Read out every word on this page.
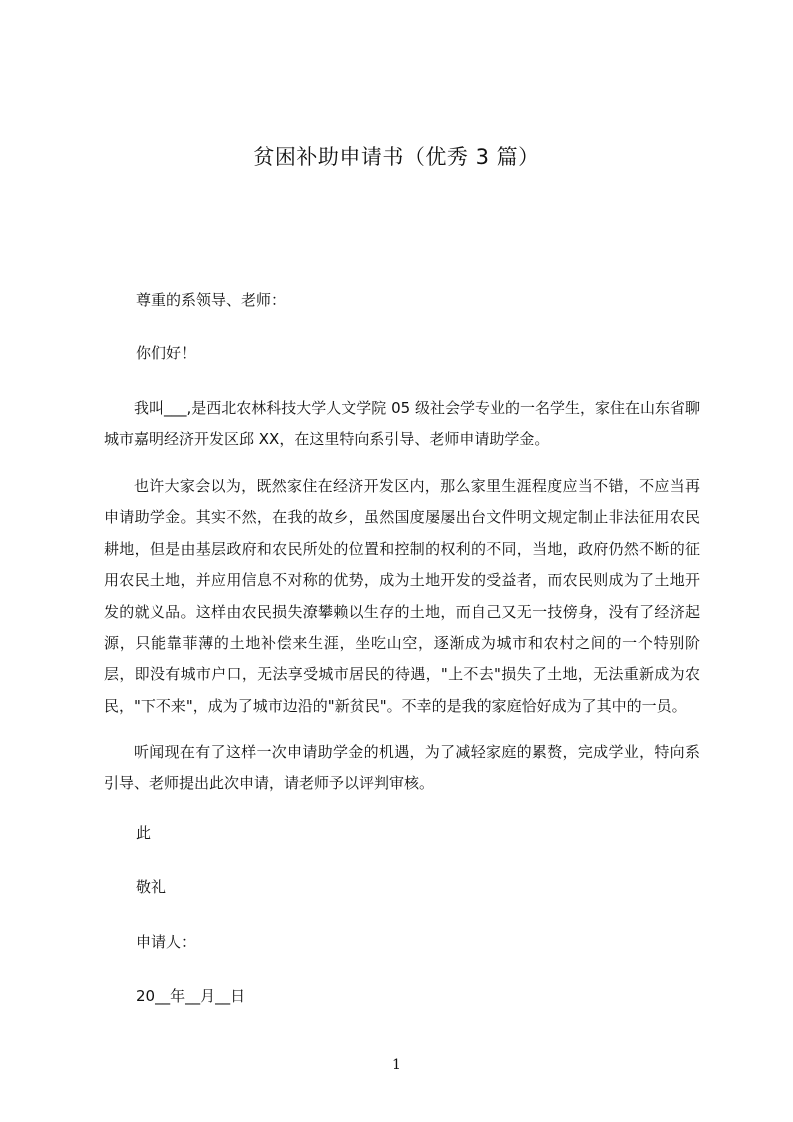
贫困补助申请书（优秀 3 篇）
尊重的系领导、老师：
你们好！
我叫___,是西北农林科技大学人文学院 05 级社会学专业的一名学生，家住在山东省聊城市嘉明经济开发区邱 XX，在这里特向系引导、老师申请助学金。
也许大家会以为，既然家住在经济开发区内，那么家里生涯程度应当不错，不应当再申请助学金。其实不然，在我的故乡，虽然国度屡屡出台文件明文规定制止非法征用农民耕地，但是由基层政府和农民所处的位置和控制的权利的不同，当地，政府仍然不断的征用农民土地，并应用信息不对称的优势，成为土地开发的受益者，而农民则成为了土地开发的就义品。这样由农民损失潦攀赖以生存的土地，而自己又无一技傍身，没有了经济起源，只能靠菲薄的土地补偿来生涯，坐吃山空，逐渐成为城市和农村之间的一个特别阶层，即没有城市户口，无法享受城市居民的待遇，"上不去"损失了土地，无法重新成为农民，"下不来"，成为了城市边沿的"新贫民"。不幸的是我的家庭恰好成为了其中的一员。
听闻现在有了这样一次申请助学金的机遇，为了减轻家庭的累赘，完成学业，特向系引导、老师提出此次申请，请老师予以评判审核。
此
敬礼
申请人：
20__年__月__日
1
